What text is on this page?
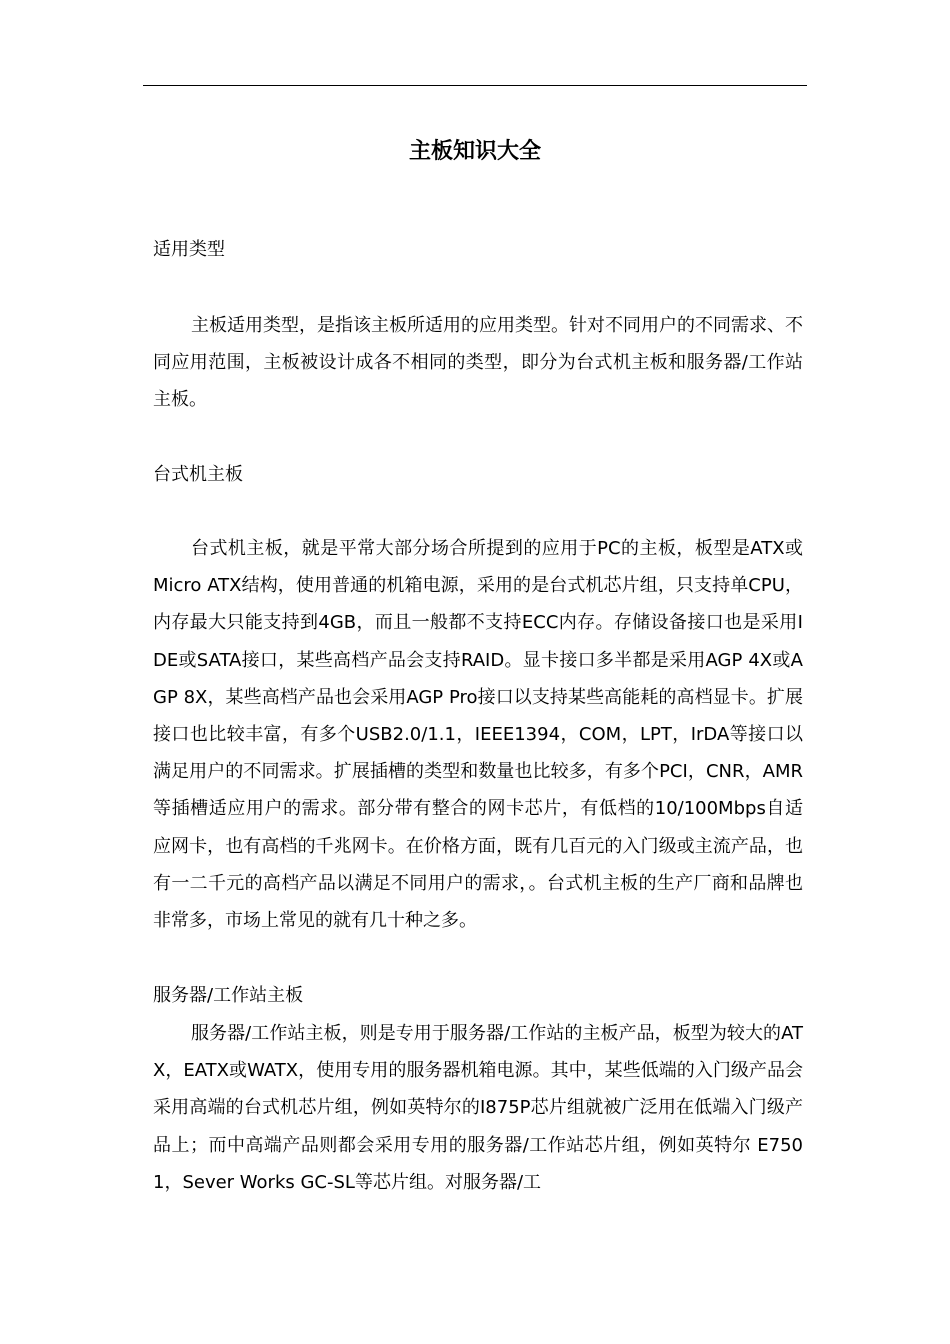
主板知识大全

适用类型

主板适用类型，是指该主板所适用的应用类型。针对不同用户的不同需求、不同应用范围，主板被设计成各不相同的类型，即分为台式机主板和服务器/工作站主板。

台式机主板

台式机主板，就是平常大部分场合所提到的应用于PC的主板，板型是ATX或Micro ATX结构，使用普通的机箱电源，采用的是台式机芯片组，只支持单CPU，内存最大只能支持到4GB，而且一般都不支持ECC内存。存储设备接口也是采用IDE或SATA接口，某些高档产品会支持RAID。显卡接口多半都是采用AGP 4X或AGP 8X，某些高档产品也会采用AGP Pro接口以支持某些高能耗的高档显卡。扩展接口也比较丰富，有多个USB2.0/1.1，IEEE1394，COM，LPT，IrDA等接口以满足用户的不同需求。扩展插槽的类型和数量也比较多，有多个PCI，CNR，AMR等插槽适应用户的需求。部分带有整合的网卡芯片，有低档的10/100Mbps自适应网卡，也有高档的千兆网卡。在价格方面，既有几百元的入门级或主流产品，也有一二千元的高档产品以满足不同用户的需求，。台式机主板的生产厂商和品牌也非常多，市场上常见的就有几十种之多。

服务器/工作站主板

服务器/工作站主板，则是专用于服务器/工作站的主板产品，板型为较大的ATX，EATX或WATX，使用专用的服务器机箱电源。其中，某些低端的入门级产品会采用高端的台式机芯片组，例如英特尔的I875P芯片组就被广泛用在低端入门级产品上；而中高端产品则都会采用专用的服务器/工作站芯片组，例如英特尔 E7501，Sever Works GC-SL等芯片组。对服务器/工
